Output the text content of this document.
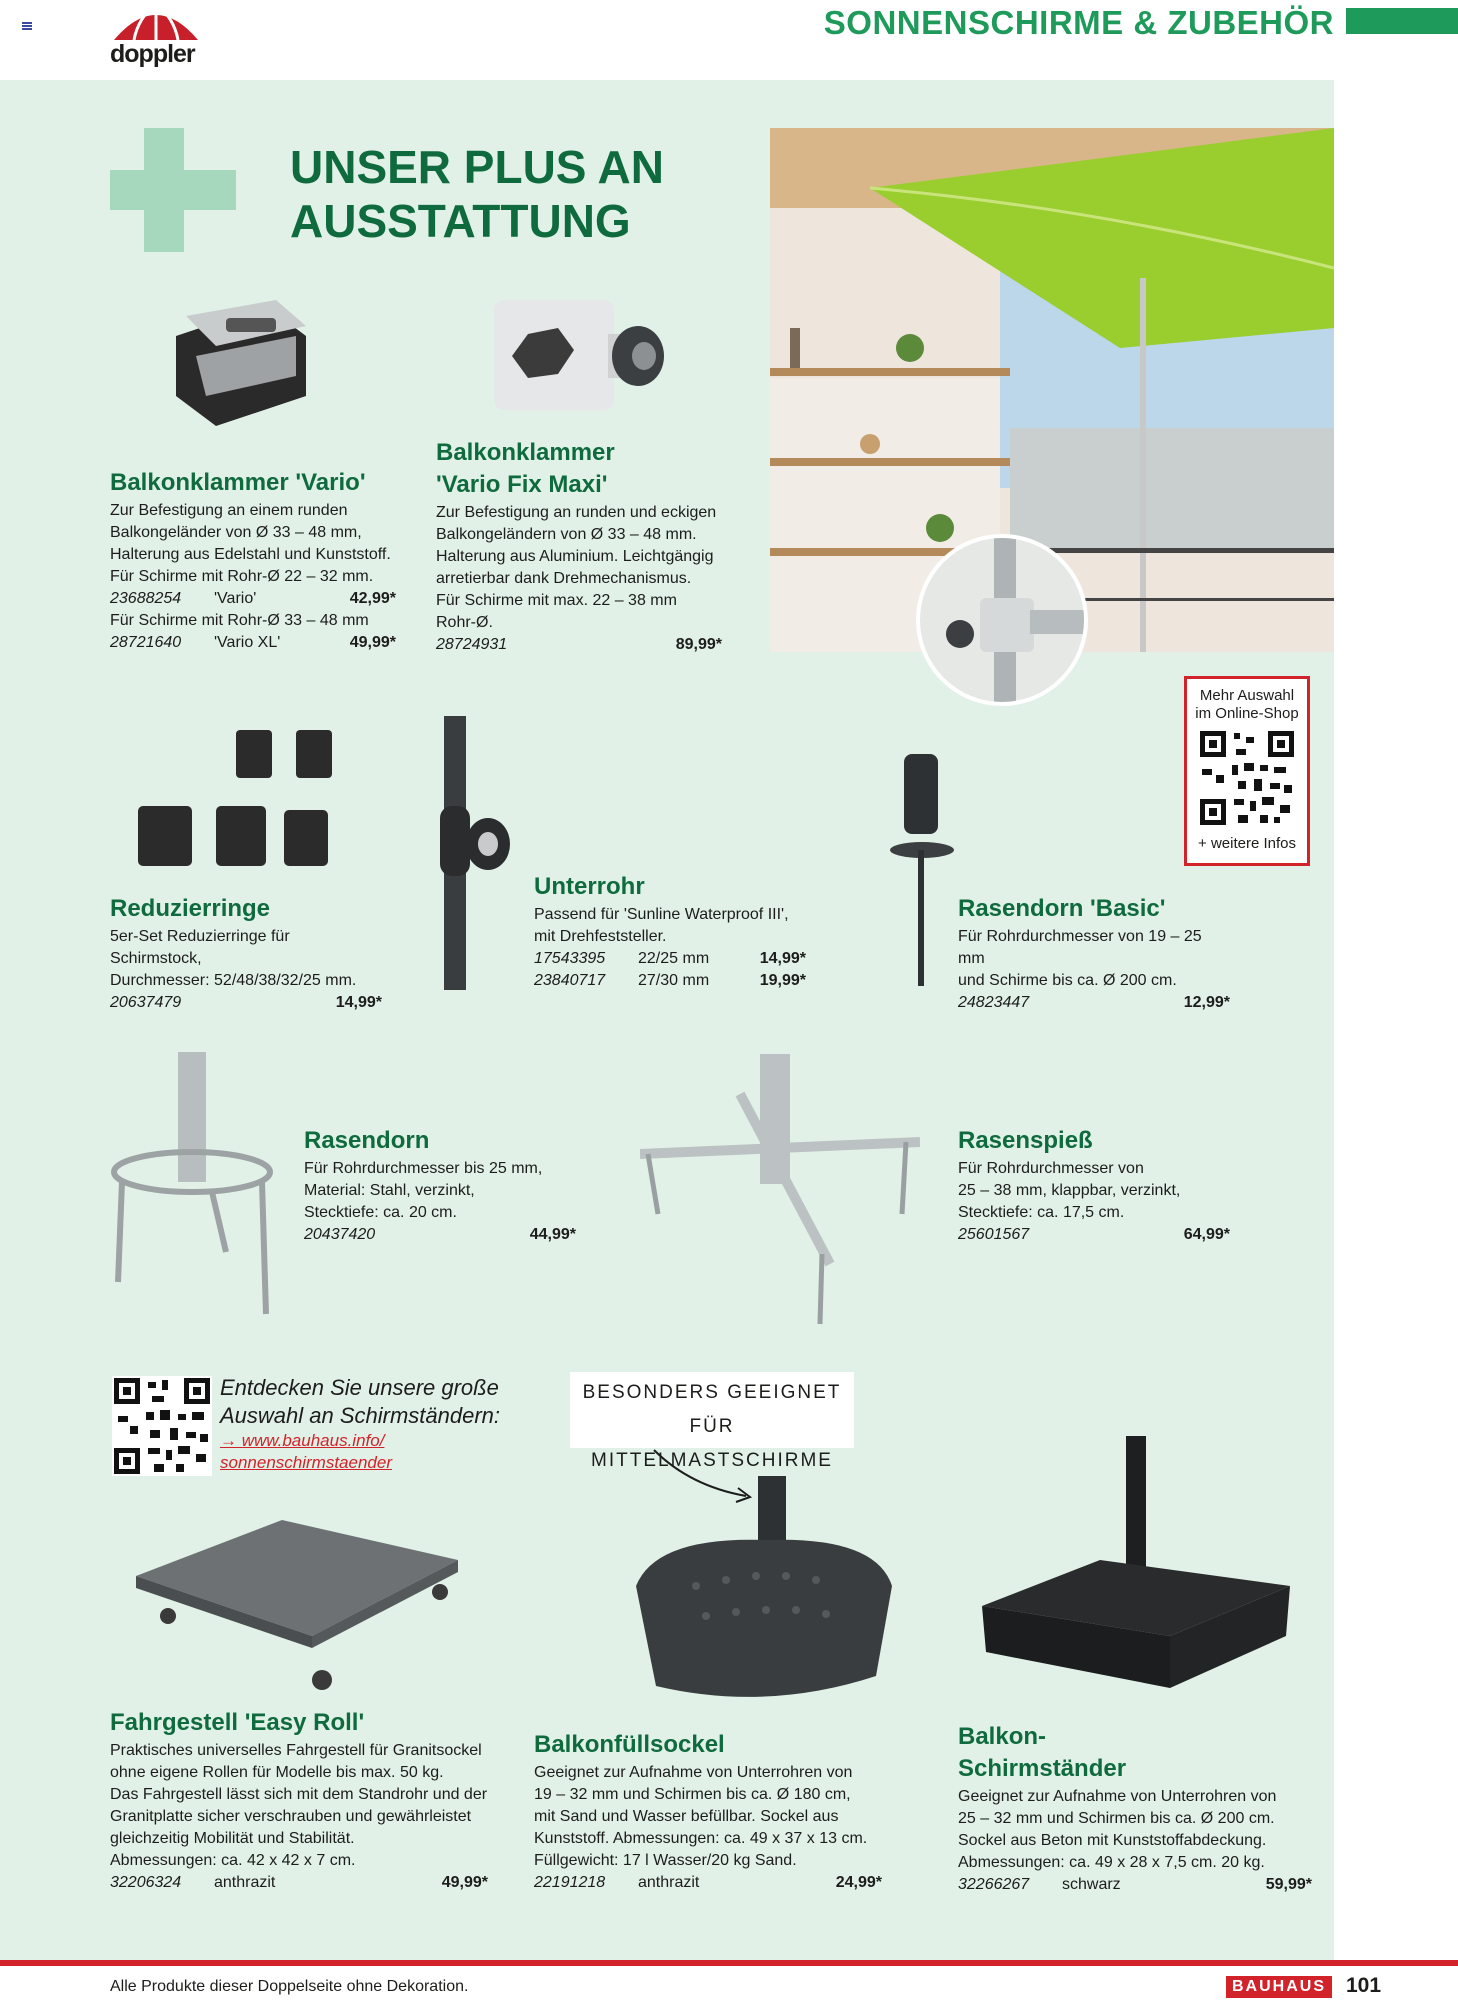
doppler
SONNENSCHIRME & ZUBEHÖR
UNSER PLUS AN
AUSSTATTUNG
Balkonklammer 'Vario'
Zur Befestigung an einem runden
Balkongeländer von Ø 33 – 48 mm,
Halterung aus Edelstahl und Kunststoff.
Für Schirme mit Rohr-Ø 22 – 32 mm.
23688254	'Vario'	42,99*
Für Schirme mit Rohr-Ø 33 – 48 mm
28721640	'Vario XL'	49,99*
Balkonklammer
'Vario Fix Maxi'
Zur Befestigung an runden und eckigen
Balkongeländern von Ø 33 – 48 mm.
Halterung aus Aluminium. Leichtgängig
arretierbar dank Drehmechanismus.
Für Schirme mit max. 22 – 38 mm
Rohr-Ø.
28724931	89,99*
Reduzierringe
5er-Set Reduzierringe für Schirmstock,
Durchmesser: 52/48/38/32/25 mm.
20637479	14,99*
Unterrohr
Passend für 'Sunline Waterproof III',
mit Drehfeststeller.
17543395	22/25 mm	14,99*
23840717	27/30 mm	19,99*
Rasendorn 'Basic'
Für Rohrdurchmesser von 19 – 25 mm
und Schirme bis ca. Ø 200 cm.
24823447	12,99*
Mehr Auswahl
im Online-Shop
+ weitere Infos
Rasendorn
Für Rohrdurchmesser bis 25 mm,
Material: Stahl, verzinkt,
Stecktiefe: ca. 20 cm.
20437420	44,99*
Rasenspieß
Für Rohrdurchmesser von
25 – 38 mm, klappbar, verzinkt,
Stecktiefe: ca. 17,5 cm.
25601567	64,99*
Entdecken Sie unsere große
Auswahl an Schirmständern:
→ www.bauhaus.info/
sonnenschirmstaender
BESONDERS GEEIGNET FÜR
MITTELMASTSCHIRME
Fahrgestell 'Easy Roll'
Praktisches universelles Fahrgestell für Granitsockel
ohne eigene Rollen für Modelle bis max. 50 kg.
Das Fahrgestell lässt sich mit dem Standrohr und der
Granitplatte sicher verschrauben und gewährleistet
gleichzeitig Mobilität und Stabilität.
Abmessungen: ca. 42 x 42 x 7 cm.
32206324	anthrazit	49,99*
Balkonfüllsockel
Geeignet zur Aufnahme von Unterrohren von
19 – 32 mm und Schirmen bis ca. Ø 180 cm,
mit Sand und Wasser befüllbar. Sockel aus
Kunststoff. Abmessungen: ca. 49 x 37 x 13 cm.
Füllgewicht: 17 l Wasser/20 kg Sand.
22191218	anthrazit	24,99*
Balkon-
Schirmständer
Geeignet zur Aufnahme von Unterrohren von
25 – 32 mm und Schirmen bis ca. Ø 200 cm.
Sockel aus Beton mit Kunststoffabdeckung.
Abmessungen: ca. 49 x 28 x 7,5 cm. 20 kg.
32266267	schwarz	59,99*
Alle Produkte dieser Doppelseite ohne Dekoration.	BAUHAUS 101
